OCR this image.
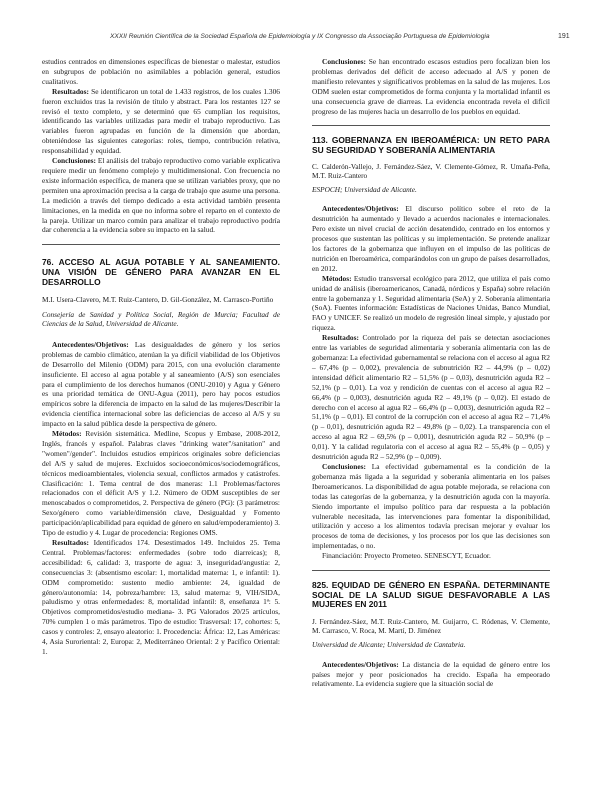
XXXII Reunión Científica de la Sociedad Española de Epidemiología y IX Congresso da Associação Portuguesa de Epidemiologia	191

estudios centrados en dimensiones específicas de bienestar o malestar, estudios en subgrupos de población no asimilables a población general, estudios cualitativos.

Resultados: Se identificaron un total de 1.433 registros, de los cuales 1.306 fueron excluidos tras la revisión de título y abstract. Para los restantes 127 se revisó el texto completo, y se determinó que 65 cumplían los requisitos, identificando las variables utilizadas para medir el trabajo reproductivo. Las variables fueron agrupadas en función de la dimensión que abordan, obteniéndose las siguientes categorías: roles, tiempo, contribución relativa, responsabilidad y equidad.

Conclusiones: El análisis del trabajo reproductivo como variable explicativa requiere medir un fenómeno complejo y multidimensional. Con frecuencia no existe información específica, de manera que se utilizan variables proxy, que no permiten una aproximación precisa a la carga de trabajo que asume una persona. La medición a través del tiempo dedicado a esta actividad también presenta limitaciones, en la medida en que no informa sobre el reparto en el contexto de la pareja. Utilizar un marco común para analizar el trabajo reproductivo podría dar coherencia a la evidencia sobre su impacto en la salud.

76. ACCESO AL AGUA POTABLE Y AL SANEAMIENTO. UNA VISIÓN DE GÉNERO PARA AVANZAR EN EL DESARROLLO
M.I. Usera-Clavero, M.T. Ruiz-Cantero, D. Gil-González, M. Carrasco-Portiño
Consejería de Sanidad y Política Social, Región de Murcia; Facultad de Ciencias de la Salud, Universidad de Alicante.

Antecedentes/Objetivos: Las desigualdades de género y los serios problemas de cambio climático, atenúan la ya difícil viabilidad de los Objetivos de Desarrollo del Milenio (ODM) para 2015, con una evolución claramente insuficiente. El acceso al agua potable y al saneamiento (A/S) son esenciales para el cumplimiento de los derechos humanos (ONU-2010) y Agua y Género es una prioridad temática de ONU-Agua (2011), pero hay pocos estudios empíricos sobre la diferencia de impacto en la salud de las mujeres/Describir la evidencia científica internacional sobre las deficiencias de acceso al A/S y su impacto en la salud pública desde la perspectiva de género.

Métodos: Revisión sistemática. Medline, Scopus y Embase, 2008-2012, Inglés, francés y español. Palabras claves "drinking water"/sanitation" and "women"/gender". Incluidos estudios empíricos originales sobre deficiencias del A/S y salud de mujeres. Excluidos socioeconómicos/sociodemográficos, técnicos medioambientales, violencia sexual, conflictos armados y catástrofes. Clasificación: 1. Tema central de dos maneras: 1.1 Problemas/factores relacionados con el déficit A/S y 1.2. Número de ODM susceptibles de ser menoscabados o comprometidos, 2. Perspectiva de género (PG): (3 parámetros: Sexo/género como variable/dimensión clave, Desigualdad y Fomento participación/aplicabilidad para equidad de género en salud/empoderamiento) 3. Tipo de estudio y 4. Lugar de procedencia: Regiones OMS.

Resultados: Identificados 174. Desestimados 149. Incluidos 25. Tema Central. Problemas/factores: enfermedades (sobre todo diarreicas); 8, accesibilidad: 6, calidad: 3, trasporte de agua: 3, inseguridad/angustia: 2, consecuencias 3: (absentismo escolar: 1, mortalidad materna: 1, e infantil: 1). ODM comprometido: sustento medio ambiente: 24, igualdad de género/autonomía: 14, pobreza/hambre: 13, salud materna: 9, VIH/SIDA, paludismo y otras enfermedades: 8, mortalidad infantil: 8, enseñanza 1ª: 5. Objetivos comprometidos/estudio mediana- 3. PG Valorados 20/25 artículos, 70% cumplen 1 o más parámetros. Tipo de estudio: Trasversal: 17, cohortes: 5, casos y controles: 2, ensayo aleatorio: 1. Procedencia: África: 12, Las Américas: 4, Asia Suroriental: 2, Europa: 2, Mediterráneo Oriental: 2 y Pacífico Oriental: 1.

Conclusiones: Se han encontrado escasos estudios pero focalizan bien los problemas derivados del déficit de acceso adecuado al A/S y ponen de manifiesto relevantes y significativos problemas en la salud de las mujeres. Los ODM suelen estar comprometidos de forma conjunta y la mortalidad infantil es una consecuencia grave de diarreas. La evidencia encontrada revela el difícil progreso de las mujeres hacia un desarrollo de los pueblos en equidad.

113. GOBERNANZA EN IBEROAMÉRICA: UN RETO PARA SU SEGURIDAD Y SOBERANÍA ALIMENTARIA
C. Calderón-Vallejo, J. Fernández-Sáez, V. Clemente-Gómez, R. Umaña-Peña, M.T. Ruiz-Cantero
ESPOCH; Universidad de Alicante.

Antecedentes/Objetivos: El discurso político sobre el reto de la desnutrición ha aumentado y llevado a acuerdos nacionales e internacionales. Pero existe un nivel crucial de acción desatendido, centrado en los entornos y procesos que sustentan las políticas y su implementación. Se pretende analizar los factores de la gobernanza que influyen en el impulso de las políticas de nutrición en Iberoamérica, comparándolos con un grupo de países desarrollados, en 2012.

Métodos: Estudio transversal ecológico para 2012, que utiliza el país como unidad de análisis (iberoamericanos, Canadá, nórdicos y España) sobre relación entre la gobernanza y 1. Seguridad alimentaria (SeA) y 2. Soberanía alimentaria (SoA). Fuentes información: Estadísticas de Naciones Unidas, Banco Mundial, FAO y UNICEF. Se realizó un modelo de regresión lineal simple, y ajustado por riqueza.

Resultados: Controlado por la riqueza del país se detectan asociaciones entre las variables de seguridad alimentaria y soberanía alimentaria con las de gobernanza: La efectividad gubernamental se relaciona con el acceso al agua R2 – 67,4% (p – 0,002), prevalencia de subnutrición R2 – 44,9% (p – 0,02) intensidad déficit alimentario R2 – 51,5% (p – 0,03), desnutrición aguda R2 – 52,1% (p – 0,01). La voz y rendición de cuentas con el acceso al agua R2 – 66,4% (p – 0,003), desnutrición aguda R2 – 49,1% (p – 0,02). El estado de derecho con el acceso al agua R2 – 66,4% (p – 0,003), desnutrición aguda R2 – 51,1% (p – 0,01). El control de la corrupción con el acceso al agua R2 – 71,4% (p – 0,01), desnutrición aguda R2 – 49,8% (p – 0,02). La transparencia con el acceso al agua R2 – 69,5% (p – 0,001), desnutrición aguda R2 – 50,9% (p – 0,01). Y la calidad regulatoria con el acceso al agua R2 – 55,4% (p – 0,05) y desnutrición aguda R2 – 52,9% (p – 0,009).

Conclusiones: La efectividad gubernamental es la condición de la gobernanza más ligada a la seguridad y soberanía alimentaria en los países Iberoamericanos. La disponibilidad de agua potable mejorada, se relaciona con todas las categorías de la gobernanza, y la desnutrición aguda con la mayoría. Siendo importante el impulso político para dar respuesta a la población vulnerable necesitada, las intervenciones para fomentar la disponibilidad, utilización y acceso a los alimentos todavía precisan mejorar y evaluar los procesos de toma de decisiones, y los procesos por los que las decisiones son implementadas, o no.

Financiación: Proyecto Prometeo. SENESCYT, Ecuador.

825. EQUIDAD DE GÉNERO EN ESPAÑA. DETERMINANTE SOCIAL DE LA SALUD SIGUE DESFAVORABLE A LAS MUJERES EN 2011
J. Fernández-Sáez, M.T. Ruiz-Cantero, M. Guijarro, C. Ródenas, V. Clemente, M. Carrasco, V. Roca, M. Martí, D. Jiménez
Universidad de Alicante; Universidad de Cantabria.

Antecedentes/Objetivos: La distancia de la equidad de género entre los países mejor y peor posicionados ha crecido. España ha empeorado relativamente. La evidencia sugiere que la situación social de
